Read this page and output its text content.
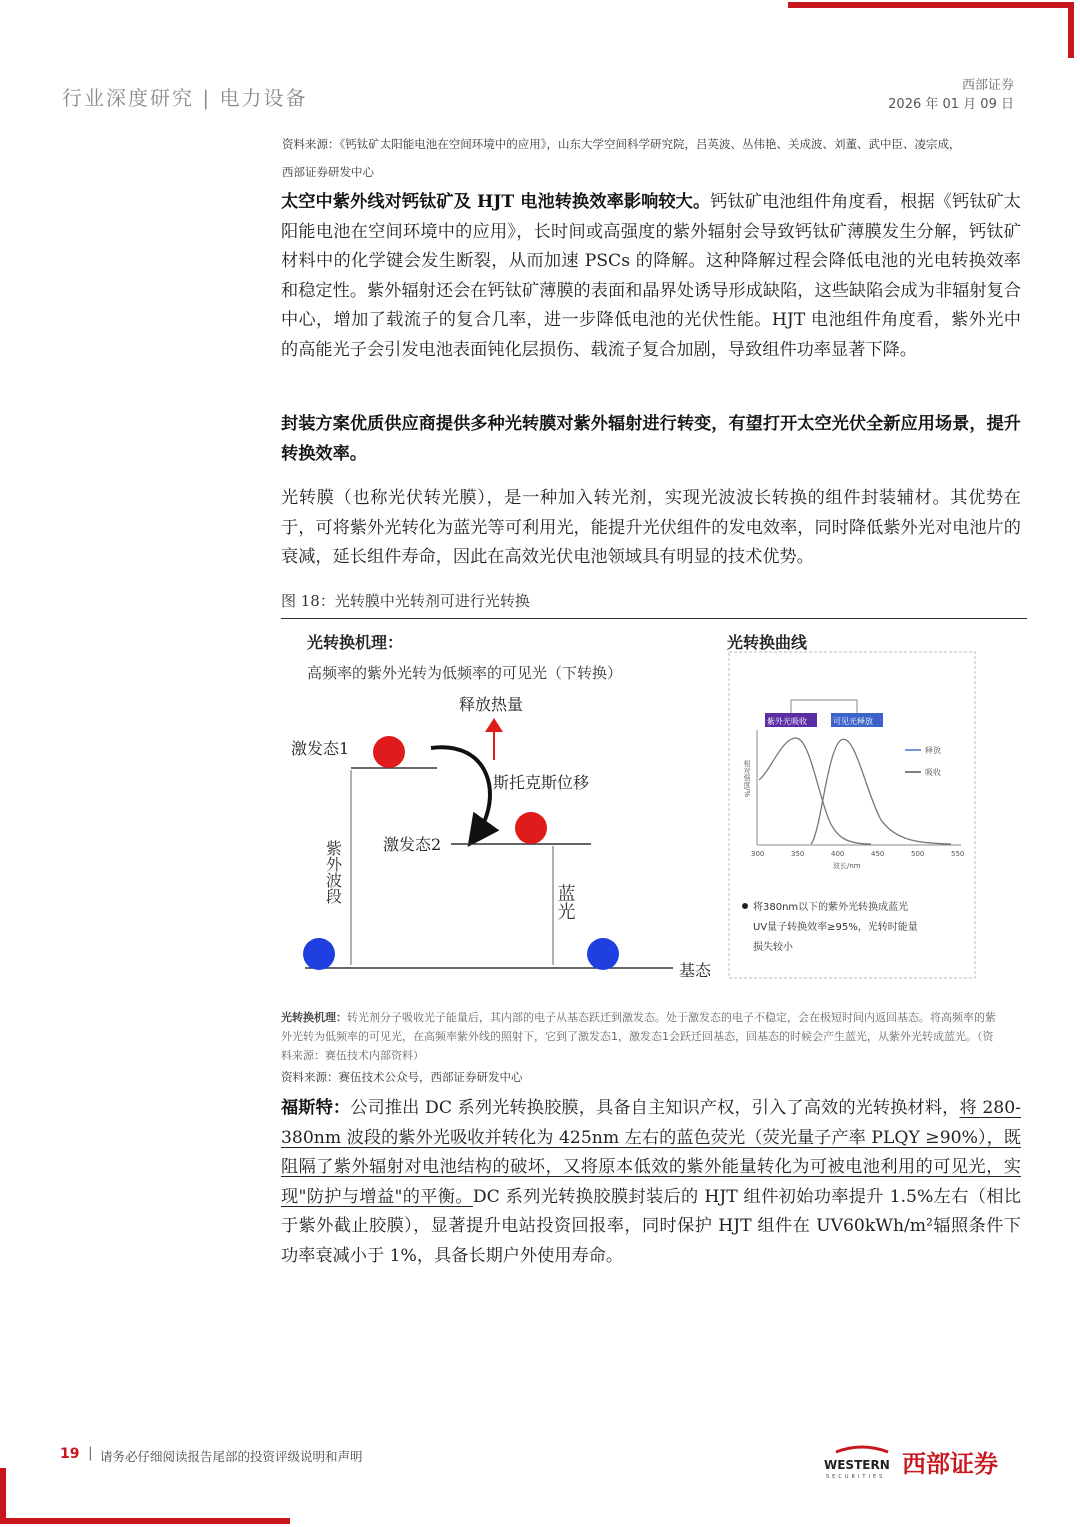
行业深度研究 | 电力设备
西部证券
2026 年 01 月 09 日
资料来源：《钙钛矿太阳能电池在空间环境中的应用》，山东大学空间科学研究院，吕英波、丛伟艳、关成波、刘董、武中臣、凌宗成，
西部证券研发中心
太空中紫外线对钙钛矿及 HJT 电池转换效率影响较大。钙钛矿电池组件角度看，根据《钙钛矿太阳能电池在空间环境中的应用》，长时间或高强度的紫外辐射会导致钙钛矿薄膜发生分解，钙钛矿材料中的化学键会发生断裂，从而加速 PSCs 的降解。这种降解过程会降低电池的光电转换效率和稳定性。紫外辐射还会在钙钛矿薄膜的表面和晶界处诱导形成缺陷，这些缺陷会成为非辐射复合中心，增加了载流子的复合几率，进一步降低电池的光伏性能。HJT 电池组件角度看，紫外光中的高能光子会引发电池表面钝化层损伤、载流子复合加剧，导致组件功率显著下降。
封装方案优质供应商提供多种光转膜对紫外辐射进行转变，有望打开太空光伏全新应用场景，提升转换效率。
光转膜（也称光伏转光膜），是一种加入转光剂，实现光波波长转换的组件封装辅材。其优势在于，可将紫外光转化为蓝光等可利用光，能提升光伏组件的发电效率，同时降低紫外光对电池片的衰减，延长组件寿命，因此在高效光伏电池领域具有明显的技术优势。
图 18：光转膜中光转剂可进行光转换
光转换机理：
高频率的紫外光转为低频率的可见光（下转换）
释放热量
激发态1
斯托克斯位移
激发态2
紫外波段	蓝光
基态
光转换曲线
紫外光吸收	可见光释放
相对强度/%
释放
吸收
300	350	400	450	500	550
波长/nm
将380nm以下的紫外光转换成蓝光
UV量子转换效率≥95%，光转时能量
损失较小
光转换机理：转光剂分子吸收光子能量后，其内部的电子从基态跃迁到激发态。处于激发态的电子不稳定，会在极短时间内返回基态。将高频率的紫外光转为低频率的可见光，在高频率紫外线的照射下，它到了激发态1，激发态1会跃迁回基态，回基态的时候会产生蓝光，从紫外光转成蓝光。（资料来源：赛伍技术内部资料）
资料来源：赛伍技术公众号，西部证券研发中心
福斯特：公司推出 DC 系列光转换胶膜，具备自主知识产权，引入了高效的光转换材料，将 280-380nm 波段的紫外光吸收并转化为 425nm 左右的蓝色荧光（荧光量子产率 PLQY ≥90%），既阻隔了紫外辐射对电池结构的破坏，又将原本低效的紫外能量转化为可被电池利用的可见光，实现"防护与增益"的平衡。DC 系列光转换胶膜封装后的 HJT 组件初始功率提升 1.5%左右（相比于紫外截止胶膜），显著提升电站投资回报率，同时保护 HJT 组件在 UV60kWh/m²辐照条件下功率衰减小于 1%，具备长期户外使用寿命。
19 | 请务必仔细阅读报告尾部的投资评级说明和声明
WESTERN
SECURITIES 西部证券
